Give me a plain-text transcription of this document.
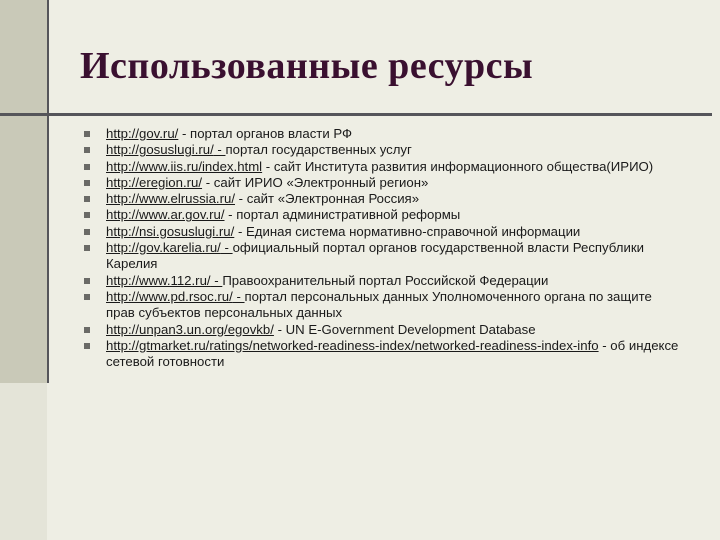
Использованные ресурсы
http://gov.ru/ - портал органов власти РФ
http://gosuslugi.ru/ - портал государственных услуг
http://www.iis.ru/index.html - сайт Института развития информационного общества(ИРИО)
http://eregion.ru/ - сайт ИРИО «Электронный регион»
http://www.elrussia.ru/ - сайт «Электронная Россия»
http://www.ar.gov.ru/ - портал административной реформы
http://nsi.gosuslugi.ru/ - Единая система нормативно-справочной информации
http://gov.karelia.ru/ - официальный портал органов государственной власти Республики Карелия
http://www.112.ru/ - Правоохранительный портал Российской Федерации
http://www.pd.rsoc.ru/ - портал персональных данных Уполномоченного органа по защите прав субъектов персональных данных
http://unpan3.un.org/egovkb/ - UN E-Government Development Database
http://gtmarket.ru/ratings/networked-readiness-index/networked-readiness-index-info - об индексе сетевой готовности
